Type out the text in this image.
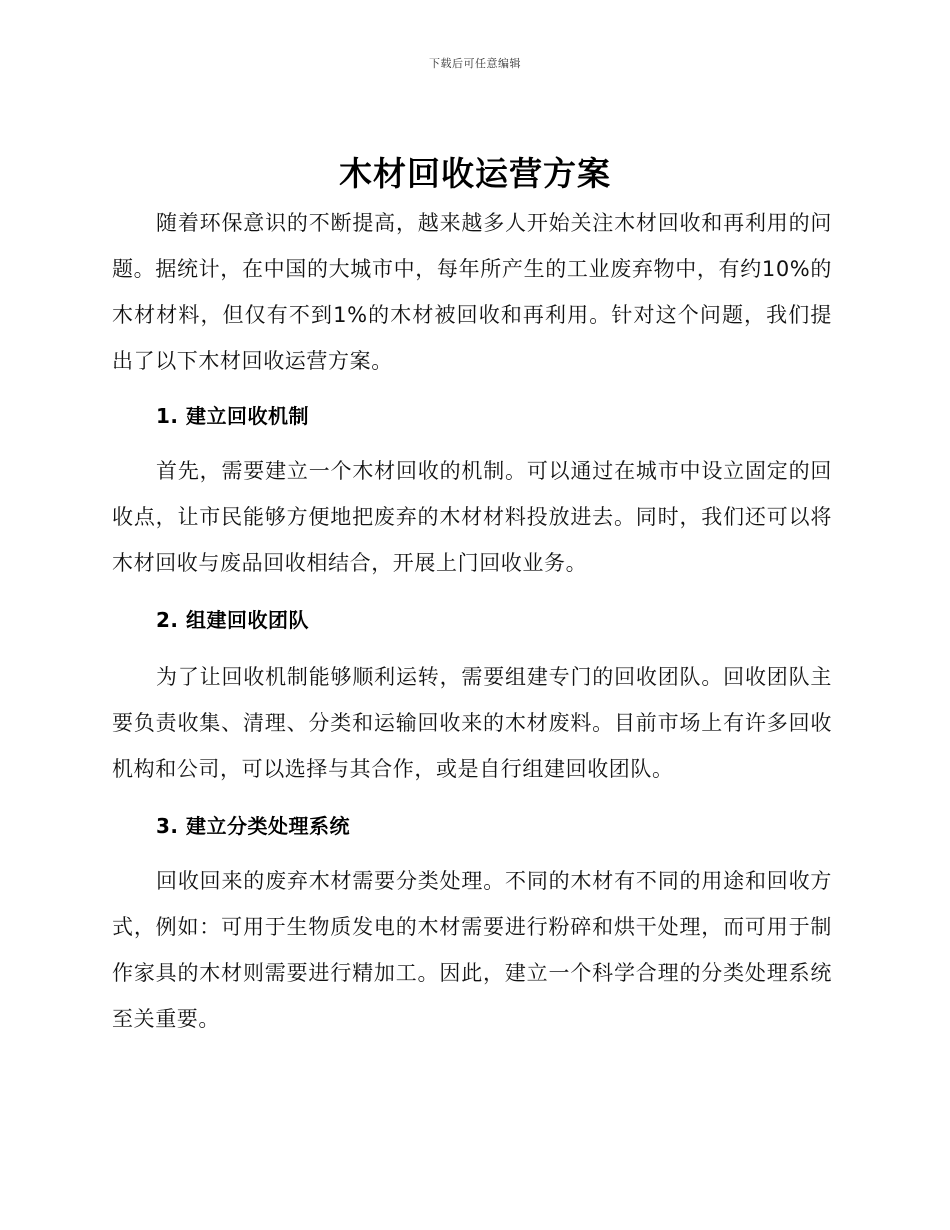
下载后可任意编辑
木材回收运营方案

随着环保意识的不断提高，越来越多人开始关注木材回收和再利用的问题。据统计，在中国的大城市中，每年所产生的工业废弃物中，有约10%的木材材料，但仅有不到1%的木材被回收和再利用。针对这个问题，我们提出了以下木材回收运营方案。

1. 建立回收机制

首先，需要建立一个木材回收的机制。可以通过在城市中设立固定的回收点，让市民能够方便地把废弃的木材材料投放进去。同时，我们还可以将木材回收与废品回收相结合，开展上门回收业务。

2. 组建回收团队

为了让回收机制能够顺利运转，需要组建专门的回收团队。回收团队主要负责收集、清理、分类和运输回收来的木材废料。目前市场上有许多回收机构和公司，可以选择与其合作，或是自行组建回收团队。

3. 建立分类处理系统

回收回来的废弃木材需要分类处理。不同的木材有不同的用途和回收方式，例如：可用于生物质发电的木材需要进行粉碎和烘干处理，而可用于制作家具的木材则需要进行精加工。因此，建立一个科学合理的分类处理系统至关重要。
